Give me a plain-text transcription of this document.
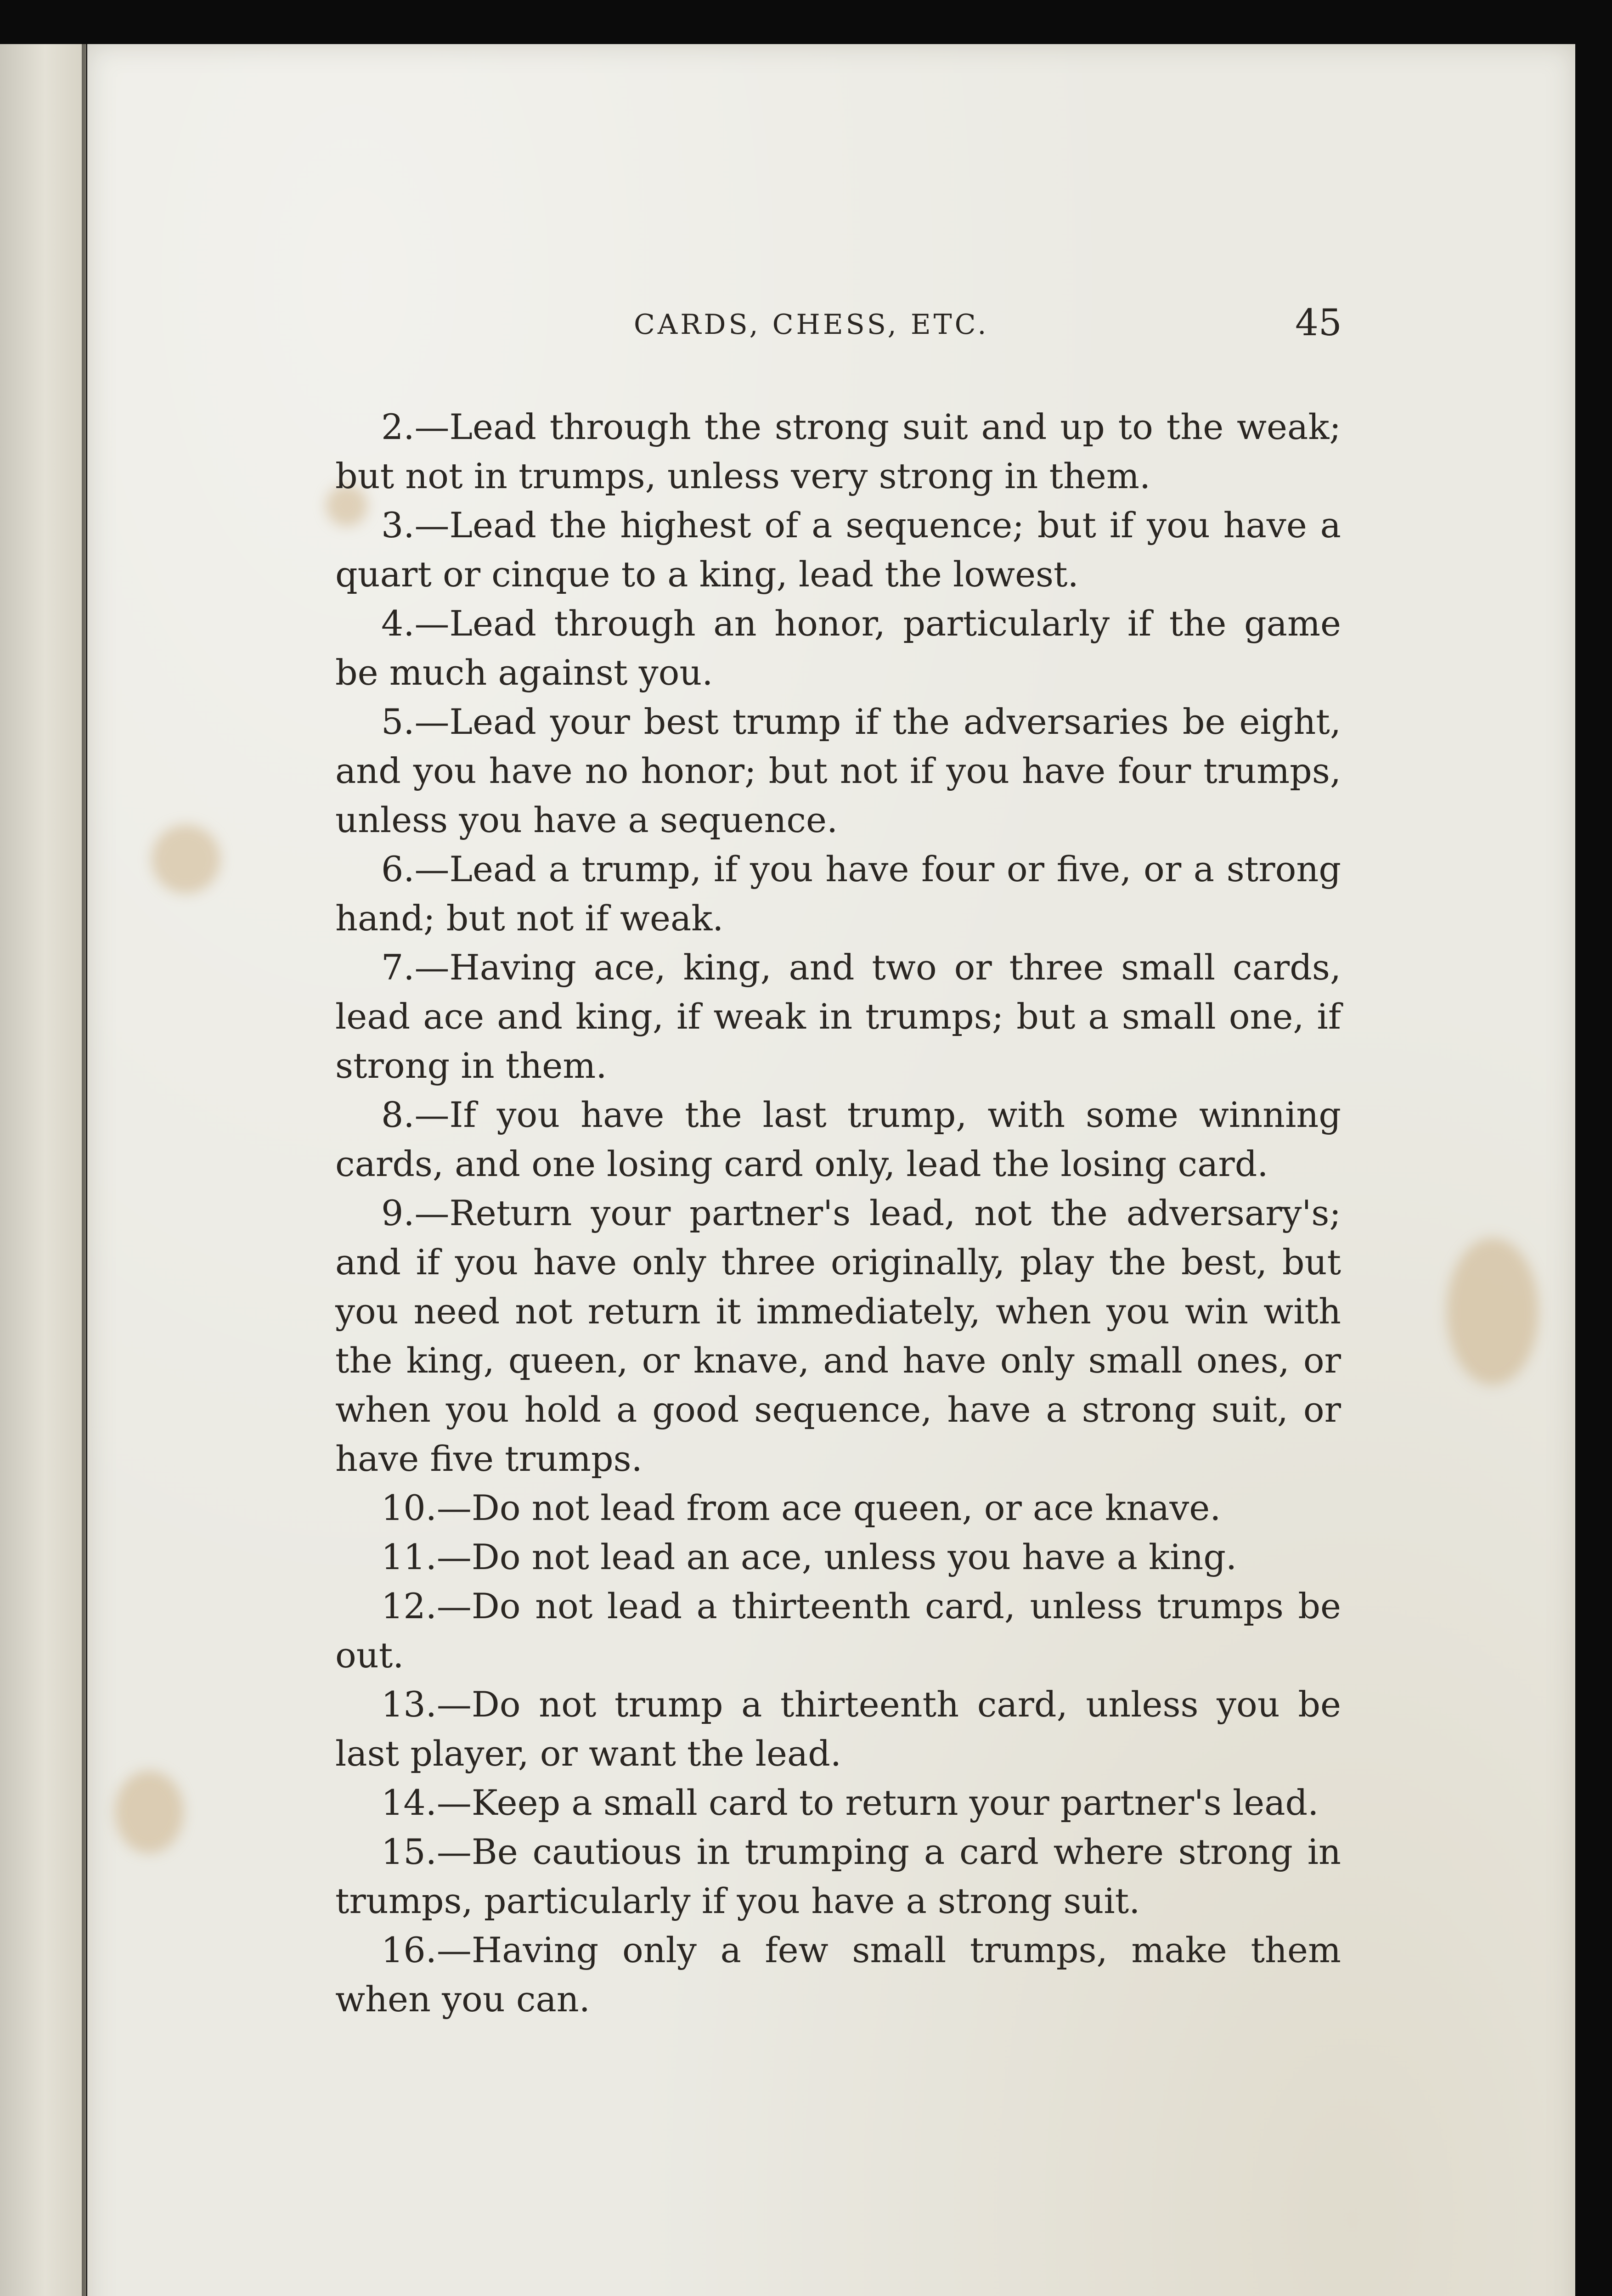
CARDS, CHESS, ETC.	45

2.—Lead through the strong suit and up to the weak; but not in trumps, unless very strong in them.

3.—Lead the highest of a sequence; but if you have a quart or cinque to a king, lead the lowest.

4.—Lead through an honor, particularly if the game be much against you.

5.—Lead your best trump if the adversaries be eight, and you have no honor; but not if you have four trumps, unless you have a sequence.

6.—Lead a trump, if you have four or five, or a strong hand; but not if weak.

7.—Having ace, king, and two or three small cards, lead ace and king, if weak in trumps; but a small one, if strong in them.

8.—If you have the last trump, with some winning cards, and one losing card only, lead the losing card.

9.—Return your partner's lead, not the adversary's; and if you have only three originally, play the best, but you need not return it immediately, when you win with the king, queen, or knave, and have only small ones, or when you hold a good sequence, have a strong suit, or have five trumps.

10.—Do not lead from ace queen, or ace knave.

11.—Do not lead an ace, unless you have a king.

12.—Do not lead a thirteenth card, unless trumps be out.

13.—Do not trump a thirteenth card, unless you be last player, or want the lead.

14.—Keep a small card to return your partner's lead.

15.—Be cautious in trumping a card where strong in trumps, particularly if you have a strong suit.

16.—Having only a few small trumps, make them when you can.
